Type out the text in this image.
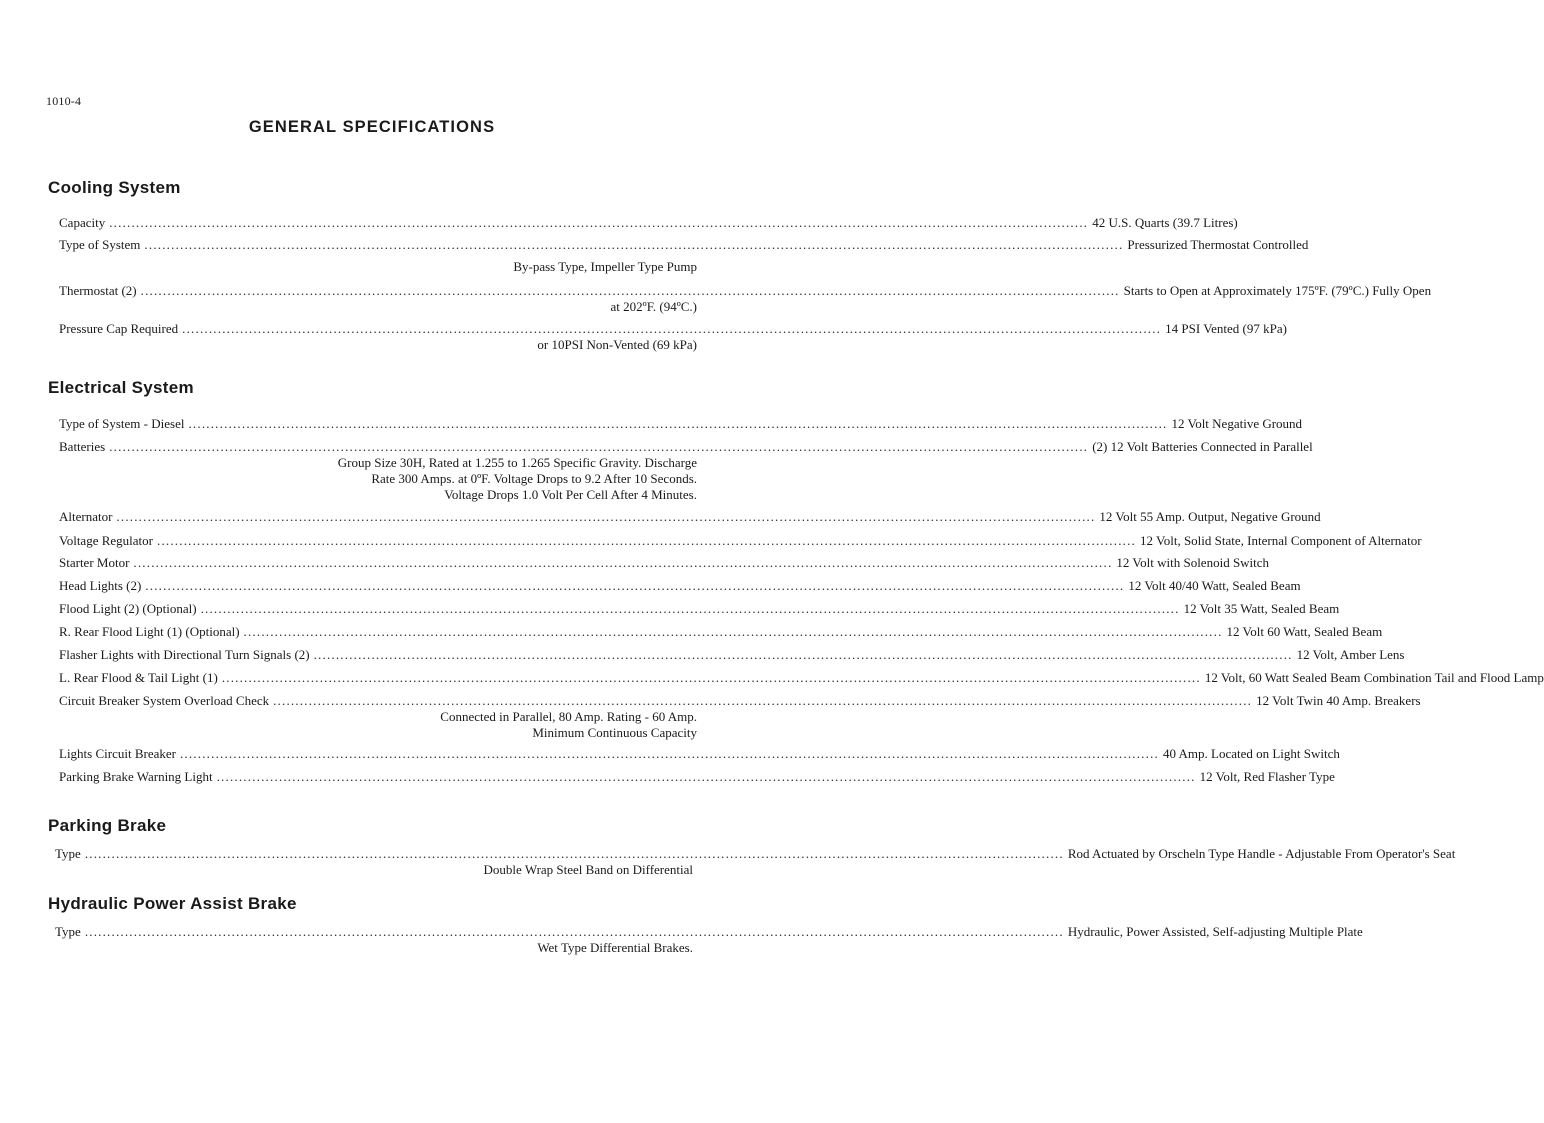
1010-4
GENERAL SPECIFICATIONS
Cooling System
Capacity ............................................................................................................................................................................................................................ 42 U.S. Quarts (39.7 Litres)
Type of System ............................................................................................................................................................................................................................ Pressurized Thermostat Controlled
By-pass Type, Impeller Type Pump
Thermostat (2) ............................................................................................................................................................................................................................ Starts to Open at Approximately 175ºF. (79ºC.) Fully Open
at 202ºF. (94ºC.)
Pressure Cap Required ............................................................................................................................................................................................................................ 14 PSI Vented (97 kPa)
or 10PSI Non-Vented (69 kPa)
Electrical System
Type of System - Diesel ............................................................................................................................................................................................................................ 12 Volt Negative Ground
Batteries ............................................................................................................................................................................................................................ (2) 12 Volt Batteries Connected in Parallel
Group Size 30H, Rated at 1.255 to 1.265 Specific Gravity. Discharge
Rate 300 Amps. at 0ºF. Voltage Drops to 9.2 After 10 Seconds.
Voltage Drops 1.0 Volt Per Cell After 4 Minutes.
Alternator ............................................................................................................................................................................................................................ 12 Volt 55 Amp. Output, Negative Ground
Voltage Regulator ............................................................................................................................................................................................................................ 12 Volt, Solid State, Internal Component of Alternator
Starter Motor ............................................................................................................................................................................................................................ 12 Volt with Solenoid Switch
Head Lights (2) ............................................................................................................................................................................................................................ 12 Volt 40/40 Watt, Sealed Beam
Flood Light (2) (Optional) ............................................................................................................................................................................................................................ 12 Volt 35 Watt, Sealed Beam
R. Rear Flood Light (1) (Optional) ............................................................................................................................................................................................................................ 12 Volt 60 Watt, Sealed Beam
Flasher Lights with Directional Turn Signals (2) ............................................................................................................................................................................................................................ 12 Volt, Amber Lens
L. Rear Flood & Tail Light (1) ............................................................................................................................................................................................................................ 12 Volt, 60 Watt Sealed Beam Combination Tail and Flood Lamp
Circuit Breaker System Overload Check ............................................................................................................................................................................................................................ 12 Volt Twin 40 Amp. Breakers
Connected in Parallel, 80 Amp. Rating - 60 Amp.
Minimum Continuous Capacity
Lights Circuit Breaker ............................................................................................................................................................................................................................ 40 Amp. Located on Light Switch
Parking Brake Warning Light ............................................................................................................................................................................................................................ 12 Volt, Red Flasher Type
Parking Brake
Type ............................................................................................................................................................................................................................ Rod Actuated by Orscheln Type Handle - Adjustable From Operator's Seat
Double Wrap Steel Band on Differential
Hydraulic Power Assist Brake
Type ............................................................................................................................................................................................................................ Hydraulic, Power Assisted, Self-adjusting Multiple Plate
Wet Type Differential Brakes.
